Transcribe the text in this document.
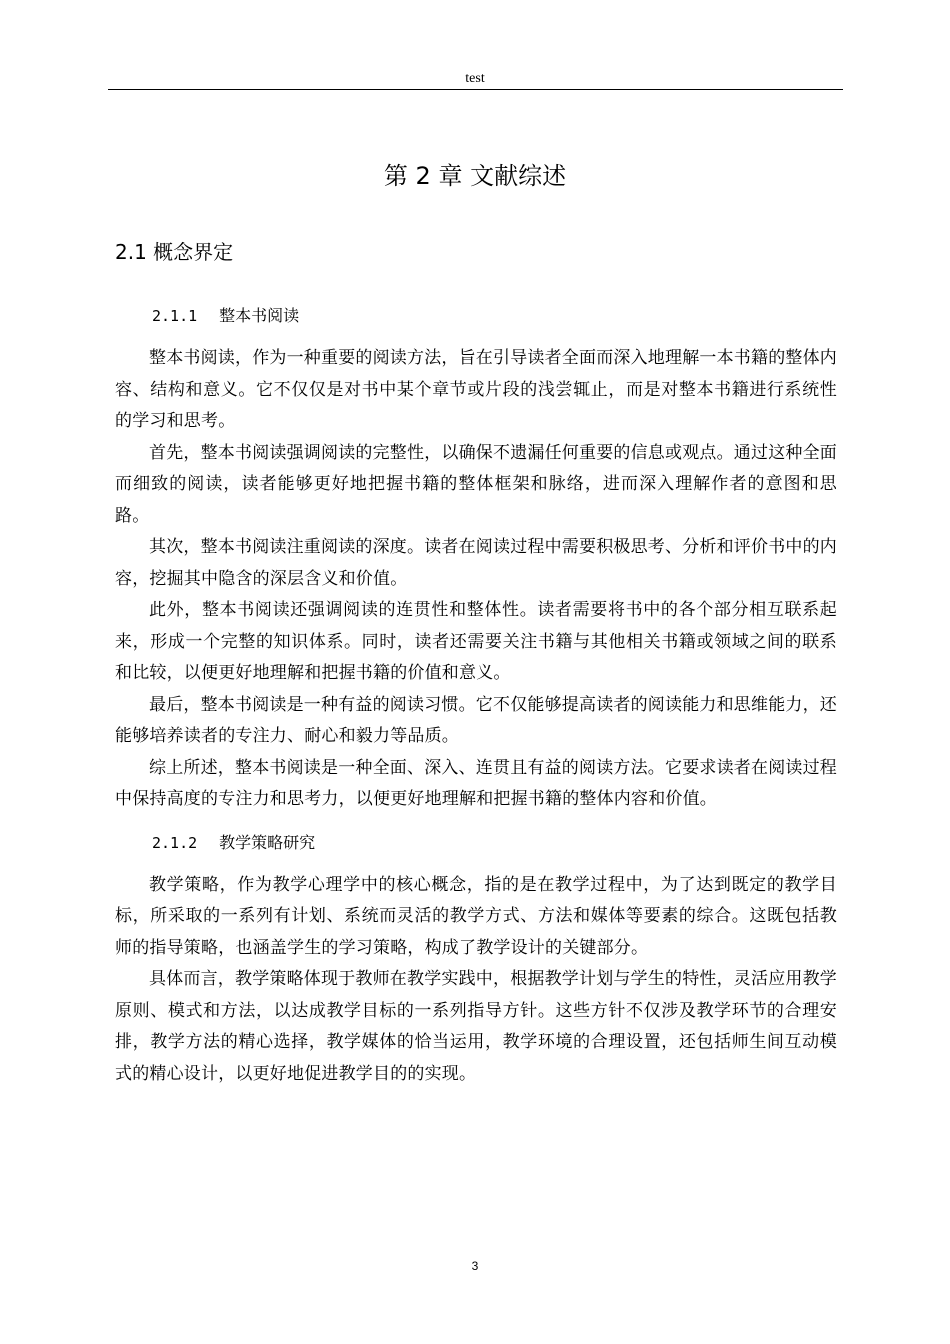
test
第 2 章 文献综述
2.1 概念界定
2.1.1 整本书阅读

整本书阅读，作为一种重要的阅读方法，旨在引导读者全面而深入地理解一本书籍的整体内容、结构和意义。它不仅仅是对书中某个章节或片段的浅尝辄止，而是对整本书籍进行系统性的学习和思考。

首先，整本书阅读强调阅读的完整性，以确保不遗漏任何重要的信息或观点。通过这种全面而细致的阅读，读者能够更好地把握书籍的整体框架和脉络，进而深入理解作者的意图和思路。

其次，整本书阅读注重阅读的深度。读者在阅读过程中需要积极思考、分析和评价书中的内容，挖掘其中隐含的深层含义和价值。

此外，整本书阅读还强调阅读的连贯性和整体性。读者需要将书中的各个部分相互联系起来，形成一个完整的知识体系。同时，读者还需要关注书籍与其他相关书籍或领域之间的联系和比较，以便更好地理解和把握书籍的价值和意义。

最后，整本书阅读是一种有益的阅读习惯。它不仅能够提高读者的阅读能力和思维能力，还能够培养读者的专注力、耐心和毅力等品质。

综上所述，整本书阅读是一种全面、深入、连贯且有益的阅读方法。它要求读者在阅读过程中保持高度的专注力和思考力，以便更好地理解和把握书籍的整体内容和价值。

2.1.2 教学策略研究

教学策略，作为教学心理学中的核心概念，指的是在教学过程中，为了达到既定的教学目标，所采取的一系列有计划、系统而灵活的教学方式、方法和媒体等要素的综合。这既包括教师的指导策略，也涵盖学生的学习策略，构成了教学设计的关键部分。

具体而言，教学策略体现于教师在教学实践中，根据教学计划与学生的特性，灵活应用教学原则、模式和方法，以达成教学目标的一系列指导方针。这些方针不仅涉及教学环节的合理安排，教学方法的精心选择，教学媒体的恰当运用，教学环境的合理设置，还包括师生间互动模式的精心设计，以更好地促进教学目的的实现。

3
